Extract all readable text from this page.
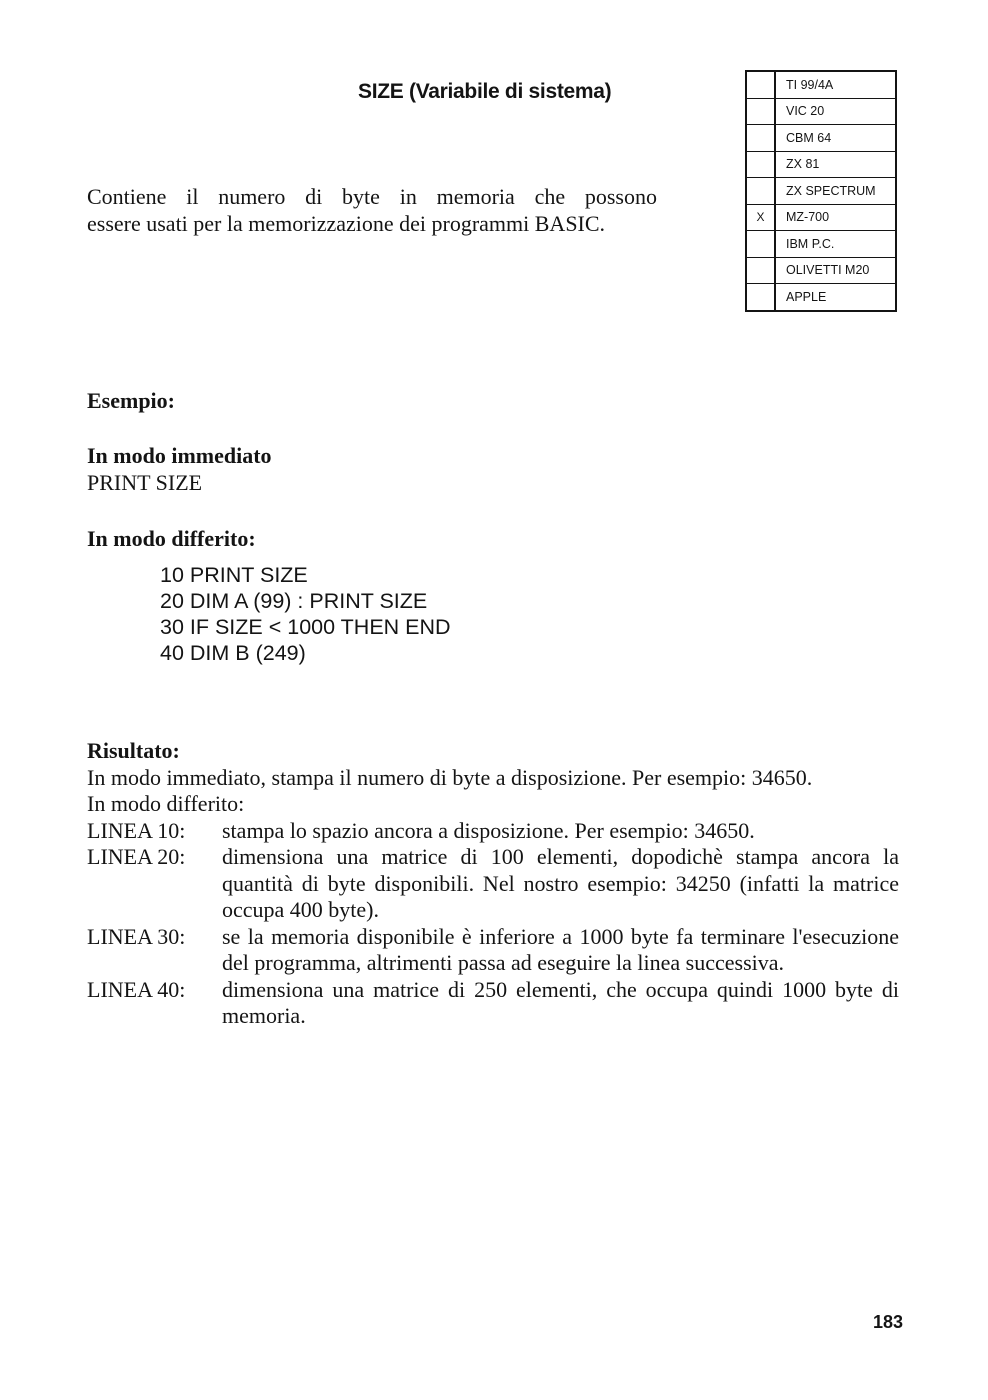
SIZE (Variabile di sistema)

Contiene il numero di byte in memoria che possono

essere usati per la memorizzazione dei programmi BASIC.

	TI 99/4A
	VIC 20
	CBM 64
	ZX 81
	ZX SPECTRUM
X	MZ-700
	IBM P.C.
	OLIVETTI M20
	APPLE
Esempio:
In modo immediato
PRINT SIZE
In modo differito:
10 PRINT SIZE
20 DIM A (99) : PRINT SIZE
30 IF SIZE < 1000 THEN END
40 DIM B (249)
Risultato:
In modo immediato, stampa il numero di byte a disposizione. Per esempio: 34650.
In modo differito:
LINEA 10:	stampa lo spazio ancora a disposizione. Per esempio: 34650.
LINEA 20:	dimensiona una matrice di 100 elementi, dopodichè stampa ancora la quantità di byte disponibili. Nel nostro esempio: 34250 (infatti la matrice occupa 400 byte).
LINEA 30:	se la memoria disponibile è inferiore a 1000 byte fa terminare l'esecuzione del programma, altrimenti passa ad eseguire la linea successiva.
LINEA 40:	dimensiona una matrice di 250 elementi, che occupa quindi 1000 byte di memoria.
183
